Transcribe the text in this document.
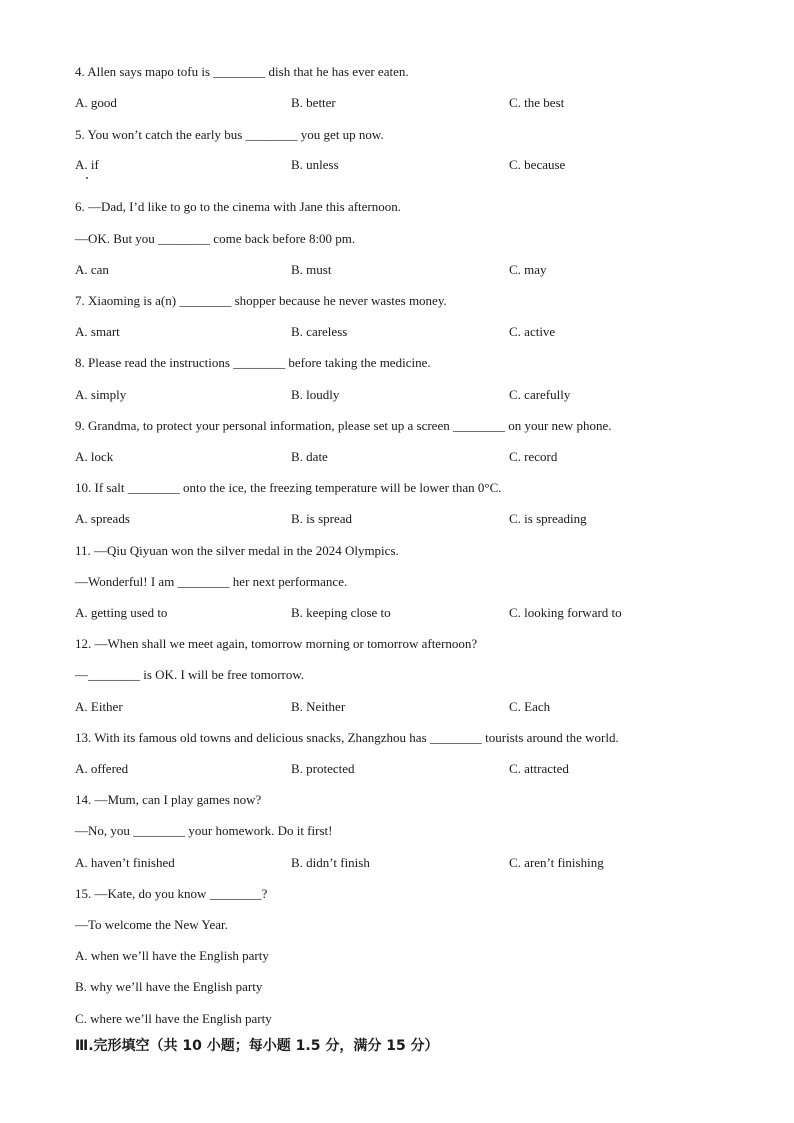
4. Allen says mapo tofu is ________ dish that he has ever eaten.
A. good	B. better	C. the best
5. You won’t catch the early bus ________ you get up now.
A. if	B. unless	C. because
6. —Dad, I’d like to go to the cinema with Jane this afternoon.
—OK. But you ________ come back before 8:00 pm.
A. can	B. must	C. may
7. Xiaoming is a(n) ________ shopper because he never wastes money.
A. smart	B. careless	C. active
8. Please read the instructions ________ before taking the medicine.
A. simply	B. loudly	C. carefully
9. Grandma, to protect your personal information, please set up a screen ________ on your new phone.
A. lock	B. date	C. record
10. If salt ________ onto the ice, the freezing temperature will be lower than 0°C.
A. spreads	B. is spread	C. is spreading
11. —Qiu Qiyuan won the silver medal in the 2024 Olympics.
—Wonderful! I am ________ her next performance.
A. getting used to	B. keeping close to	C. looking forward to
12. —When shall we meet again, tomorrow morning or tomorrow afternoon?
—________ is OK. I will be free tomorrow.
A. Either	B. Neither	C. Each
13. With its famous old towns and delicious snacks, Zhangzhou has ________ tourists around the world.
A. offered	B. protected	C. attracted
14. —Mum, can I play games now?
—No, you ________ your homework. Do it first!
A. haven’t finished	B. didn’t finish	C. aren’t finishing
15. —Kate, do you know ________?
—To welcome the New Year.
A. when we’ll have the English party
B. why we’ll have the English party
C. where we’ll have the English party
Ⅲ.完形填空（共 10 小题；每小题 1.5 分，满分 15 分）
